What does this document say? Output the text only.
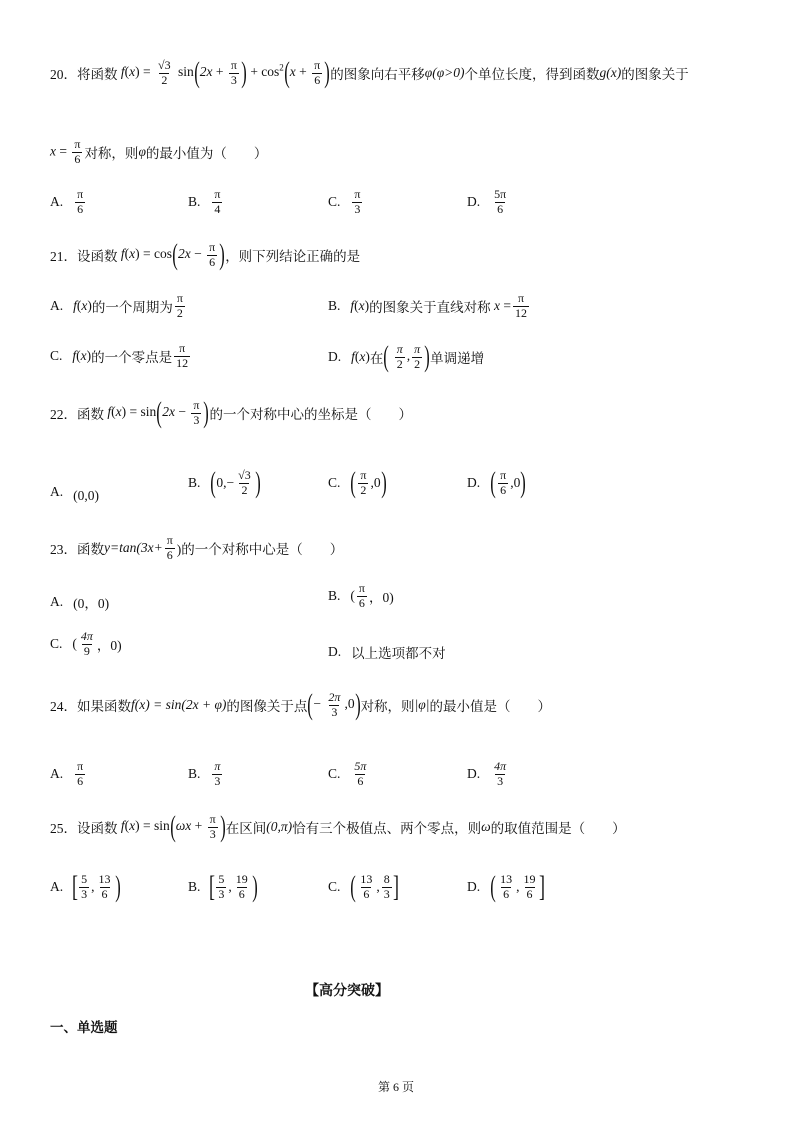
20． 将函数 $f(x) = \frac{√3}{2} \sin(2x + \frac{\pi}{3}$ ) + $\cos^2(x + \frac{\pi}{6}$ ) 的图象向右平移 φ(φ>0) 个单位长度，得到函数 g(x) 的图象关于
$x = \frac{\pi}{6}$ 对称，则 φ 的最小值为（　　）
A. $\frac{\pi}{6}$	B. $\frac{\pi}{4}$	C. $\frac{\pi}{3}$	D. $\frac{5\pi}{6}$
21． 设函数 $f(x) = \cos(2x - \frac{\pi}{6}$ ) ，则下列结论正确的是
A. f(x) 的一个周期为 $\frac{\pi}{2}$	B. f(x) 的图象关于直线对称 $x = \frac{\pi}{12}$
C. f(x) 的一个零点是 $\frac{\pi}{12}$	D. f(x) 在 ( $\frac{\pi}{2}$ , $\frac{\pi}{2}$ ) 单调递增
22． 函数 $f(x) = \sin(2x - \frac{\pi}{3}$ ) 的一个对称中心的坐标是（　　）
A. (0,0)
B. ( $0,- \frac{√3}{2}$ )	C. ( $\frac{\pi}{2} ,0$ )	D. ( $\frac{\pi}{6} ,0$ )
23． 函数 $y=\tan(3x+ \frac{\pi}{6}$ )的一个对称中心是（　　）
A. (0，0)
B. ( $\frac{\pi}{6}$ ，0)
C. ( $\frac{4\pi}{9}$ ，0)	D. 以上选项都不对
24． 如果函数 f(x) = sin(2x + φ) 的图像关于点 (− $\frac{2\pi}{3} ,0$) 对称，则 |φ| 的最小值是（　　）
A. $\frac{\pi}{6}$	B. $\frac{\pi}{3}$	C. $\frac{5\pi}{6}$	D. $\frac{4\pi}{3}$
25． 设函数 $f(x) = \sin(\omega x + \frac{\pi}{3}$ ) 在区间 (0,π) 恰有三个极值点、两个零点，则 ω 的取值范围是（　　）
A. [ $\frac{5}{3}$ , $\frac{13}{6}$ )	B. [ $\frac{5}{3}$ , $\frac{19}{6}$ )	C. ( $\frac{13}{6}$ , $\frac{8}{3}$ ]	D. ( $\frac{13}{6}$ , $\frac{19}{6}$ ]
【高分突破】
一、单选题
第 6 页
